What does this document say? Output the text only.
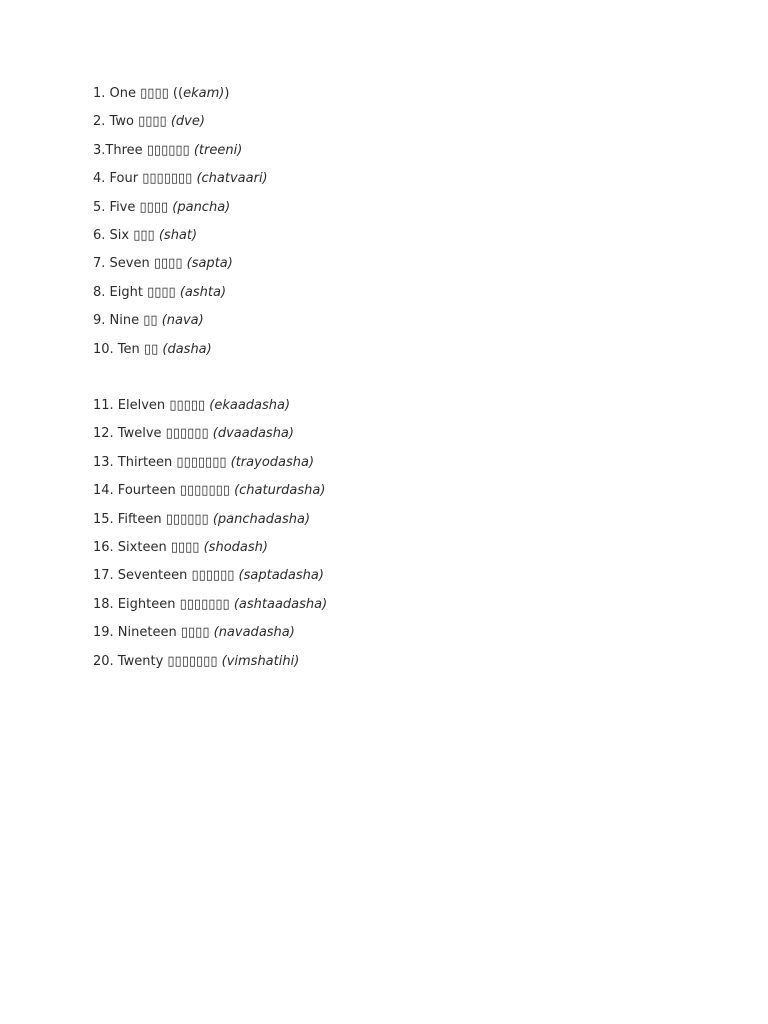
1. One ▯▯▯▯ ((ekam))
2. Two ▯▯▯▯ (dve)
3.Three ▯▯▯▯▯▯ (treeni)
4. Four ▯▯▯▯▯▯▯ (chatvaari)
5. Five ▯▯▯▯ (pancha)
6. Six ▯▯▯ (shat)
7. Seven ▯▯▯▯ (sapta)
8. Eight ▯▯▯▯ (ashta)
9. Nine ▯▯ (nava)
10. Ten ▯▯ (dasha)
11. Elelven ▯▯▯▯▯ (ekaadasha)
12. Twelve ▯▯▯▯▯▯ (dvaadasha)
13. Thirteen ▯▯▯▯▯▯▯ (trayodasha)
14. Fourteen ▯▯▯▯▯▯▯ (chaturdasha)
15. Fifteen ▯▯▯▯▯▯ (panchadasha)
16. Sixteen ▯▯▯▯ (shodash)
17. Seventeen ▯▯▯▯▯▯ (saptadasha)
18. Eighteen ▯▯▯▯▯▯▯ (ashtaadasha)
19. Nineteen ▯▯▯▯ (navadasha)
20. Twenty ▯▯▯▯▯▯▯ (vimshatihi)
